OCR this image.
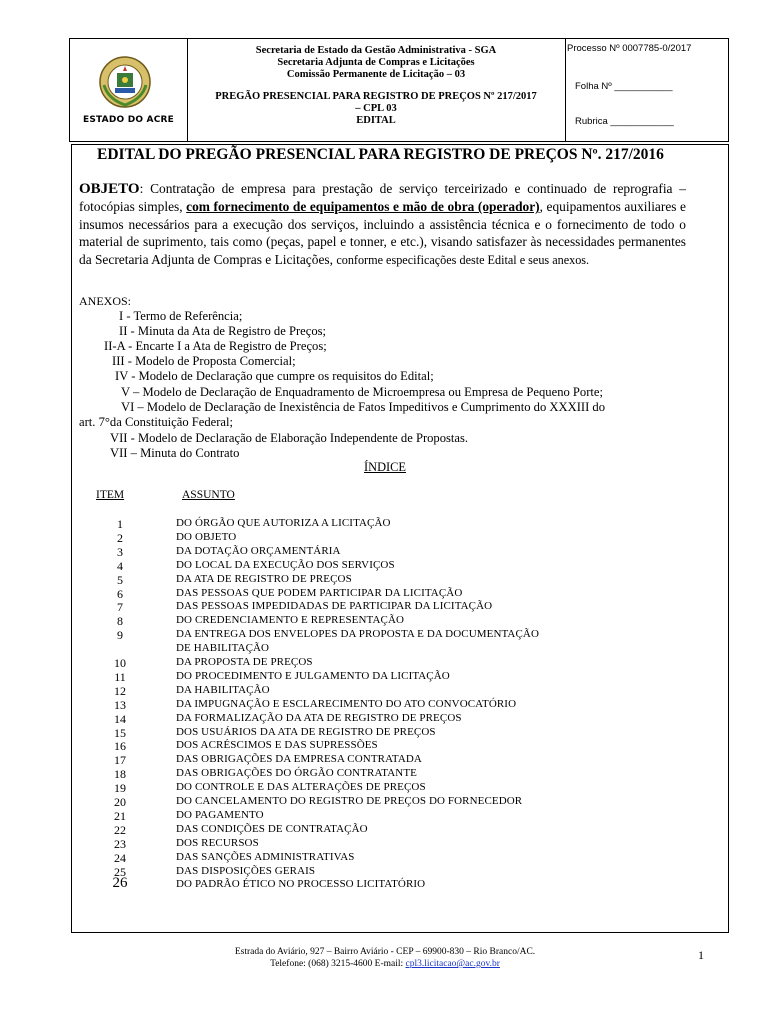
ESTADO DO ACRE
Secretaria de Estado da Gestão Administrativa - SGA
Secretaria Adjunta de Compras e Licitações
Comissão Permanente de Licitação – 03
PREGÃO PRESENCIAL PARA REGISTRO DE PREÇOS Nº 217/2017
– CPL 03
EDITAL
Processo Nº 0007785-0/2017
Folha Nº ___________
Rubrica ____________
EDITAL DO PREGÃO PRESENCIAL PARA REGISTRO DE PREÇOS Nº. 217/2016
OBJETO: Contratação de empresa para prestação de serviço terceirizado e continuado de reprografia – fotocópias simples, com fornecimento de equipamentos e mão de obra (operador), equipamentos auxiliares e insumos necessários para a execução dos serviços, incluindo a assistência técnica e o fornecimento de todo o material de suprimento, tais como (peças, papel e tonner, e etc.), visando satisfazer às necessidades permanentes da Secretaria Adjunta de Compras e Licitações, conforme especificações deste Edital e seus anexos.
ANEXOS:
I - Termo de Referência;
II - Minuta da Ata de Registro de Preços;
II-A - Encarte I a Ata de Registro de Preços;
III - Modelo de Proposta Comercial;
IV - Modelo de Declaração que cumpre os requisitos do Edital;
V – Modelo de Declaração de Enquadramento de Microempresa ou Empresa de Pequeno Porte;
VI – Modelo de Declaração de Inexistência de Fatos Impeditivos e Cumprimento do XXXIII do
art. 7°da Constituição Federal;
VII - Modelo de Declaração de Elaboração Independente de Propostas.
VII – Minuta do Contrato
ÍNDICE
ITEM	ASSUNTO
1	DO ÓRGÃO QUE AUTORIZA A LICITAÇÃO
2	DO OBJETO
3	DA DOTAÇÃO ORÇAMENTÁRIA
4	DO LOCAL DA EXECUÇÃO DOS SERVIÇOS
5	DA ATA DE REGISTRO DE PREÇOS
6	DAS PESSOAS QUE PODEM PARTICIPAR DA LICITAÇÃO
7	DAS PESSOAS IMPEDIDADAS DE PARTICIPAR DA LICITAÇÃO
8	DO CREDENCIAMENTO E REPRESENTAÇÃO
9	DA ENTREGA DOS ENVELOPES DA PROPOSTA E DA DOCUMENTAÇÃO
DE HABILITAÇÃO
10	DA PROPOSTA DE PREÇOS
11	DO PROCEDIMENTO E JULGAMENTO DA LICITAÇÃO
12	DA HABILITAÇÃO
13	DA IMPUGNAÇÃO E ESCLARECIMENTO DO ATO CONVOCATÓRIO
14	DA FORMALIZAÇÃO DA ATA DE REGISTRO DE PREÇOS
15	DOS USUÁRIOS DA ATA DE REGISTRO DE PREÇOS
16	DOS ACRÉSCIMOS E DAS SUPRESSÕES
17	DAS OBRIGAÇÕES DA EMPRESA CONTRATADA
18	DAS OBRIGAÇÕES DO ÓRGÃO CONTRATANTE
19	DO CONTROLE E DAS ALTERAÇÕES DE PREÇOS
20	DO CANCELAMENTO DO REGISTRO DE PREÇOS DO FORNECEDOR
21	DO PAGAMENTO
22	DAS CONDIÇÕES DE CONTRATAÇÃO
23	DOS RECURSOS
24	DAS SANÇÕES ADMINISTRATIVAS
25	DAS DISPOSIÇÕES GERAIS
26	DO PADRÃO ÉTICO NO PROCESSO LICITATÓRIO
Estrada do Aviário, 927 – Bairro Aviário - CEP – 69900-830 – Rio Branco/AC.
Telefone: (068) 3215-4600 E-mail: cpl3.licitacao@ac.gov.br
1
